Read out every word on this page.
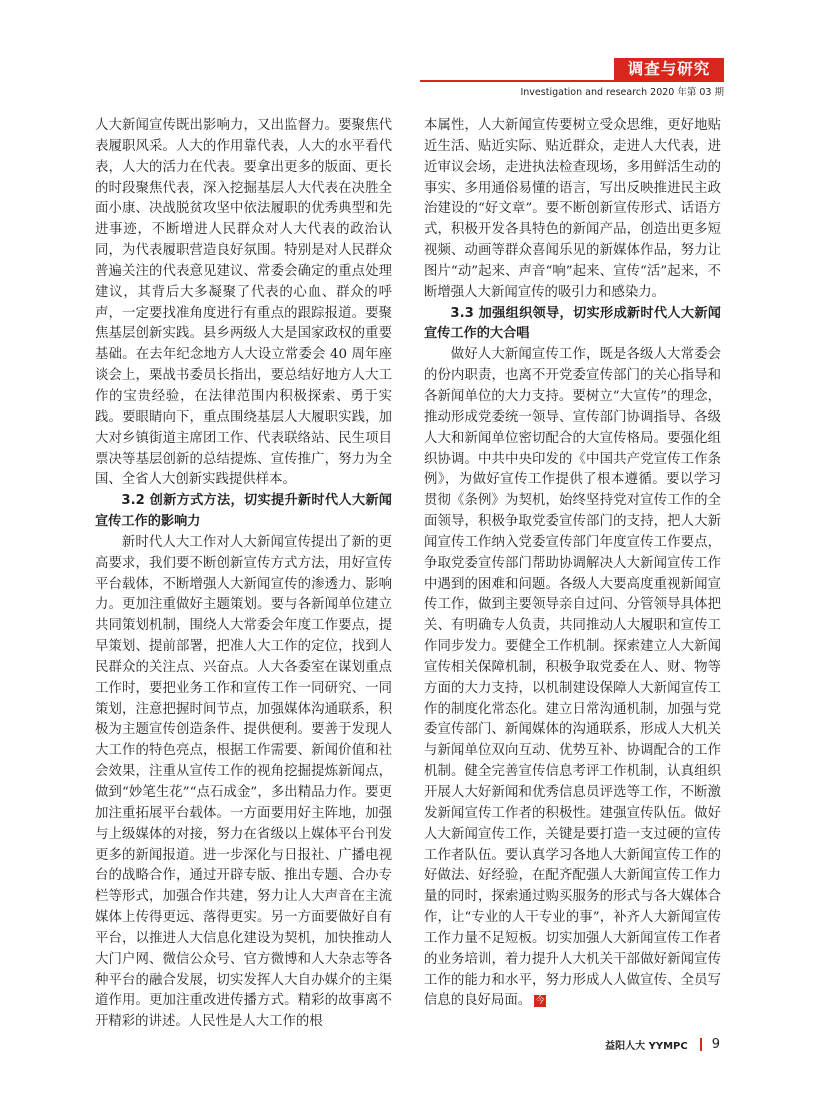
调查与研究
Investigation and research 2020 年第 03 期

人大新闻宣传既出影响力，又出监督力。要聚焦代表履职风采。人大的作用靠代表，人大的水平看代表，人大的活力在代表。要拿出更多的版面、更长的时段聚焦代表，深入挖掘基层人大代表在决胜全面小康、决战脱贫攻坚中依法履职的优秀典型和先进事迹，不断增进人民群众对人大代表的政治认同，为代表履职营造良好氛围。特别是对人民群众普遍关注的代表意见建议、常委会确定的重点处理建议，其背后大多凝聚了代表的心血、群众的呼声，一定要找准角度进行有重点的跟踪报道。要聚焦基层创新实践。县乡两级人大是国家政权的重要基础。在去年纪念地方人大设立常委会 40 周年座谈会上，栗战书委员长指出，要总结好地方人大工作的宝贵经验，在法律范围内积极探索、勇于实践。要眼睛向下，重点围绕基层人大履职实践，加大对乡镇街道主席团工作、代表联络站、民生项目票决等基层创新的总结提炼、宣传推广，努力为全国、全省人大创新实践提供样本。

3.2 创新方式方法，切实提升新时代人大新闻宣传工作的影响力

新时代人大工作对人大新闻宣传提出了新的更高要求，我们要不断创新宣传方式方法，用好宣传平台载体，不断增强人大新闻宣传的渗透力、影响力。更加注重做好主题策划。要与各新闻单位建立共同策划机制，围绕人大常委会年度工作要点，提早策划、提前部署，把准人大工作的定位，找到人民群众的关注点、兴奋点。人大各委室在谋划重点工作时，要把业务工作和宣传工作一同研究、一同策划，注意把握时间节点，加强媒体沟通联系，积极为主题宣传创造条件、提供便利。要善于发现人大工作的特色亮点，根据工作需要、新闻价值和社会效果，注重从宣传工作的视角挖掘提炼新闻点，做到“妙笔生花”“点石成金”，多出精品力作。要更加注重拓展平台载体。一方面要用好主阵地，加强与上级媒体的对接，努力在省级以上媒体平台刊发更多的新闻报道。进一步深化与日报社、广播电视台的战略合作，通过开辟专版、推出专题、合办专栏等形式，加强合作共建，努力让人大声音在主流媒体上传得更远、落得更实。另一方面要做好自有平台，以推进人大信息化建设为契机，加快推动人大门户网、微信公众号、官方微博和人大杂志等各种平台的融合发展，切实发挥人大自办媒介的主渠道作用。更加注重改进传播方式。精彩的故事离不开精彩的讲述。人民性是人大工作的根

本属性，人大新闻宣传要树立受众思维，更好地贴近生活、贴近实际、贴近群众，走进人大代表，进近审议会场，走进执法检查现场，多用鲜活生动的事实、多用通俗易懂的语言，写出反映推进民主政治建设的“好文章”。要不断创新宣传形式、话语方式，积极开发各具特色的新闻产品，创造出更多短视频、动画等群众喜闻乐见的新媒体作品，努力让图片“动”起来、声音“响”起来、宣传“活”起来，不断增强人大新闻宣传的吸引力和感染力。

3.3 加强组织领导，切实形成新时代人大新闻宣传工作的大合唱

做好人大新闻宣传工作，既是各级人大常委会的份内职责，也离不开党委宣传部门的关心指导和各新闻单位的大力支持。要树立“大宣传”的理念，推动形成党委统一领导、宣传部门协调指导、各级人大和新闻单位密切配合的大宣传格局。要强化组织协调。中共中央印发的《中国共产党宣传工作条例》，为做好宣传工作提供了根本遵循。要以学习贯彻《条例》为契机，始终坚持党对宣传工作的全面领导，积极争取党委宣传部门的支持，把人大新闻宣传工作纳入党委宣传部门年度宣传工作要点，争取党委宣传部门帮助协调解决人大新闻宣传工作中遇到的困难和问题。各级人大要高度重视新闻宣传工作，做到主要领导亲自过问、分管领导具体把关、有明确专人负责，共同推动人大履职和宣传工作同步发力。要健全工作机制。探索建立人大新闻宣传相关保障机制，积极争取党委在人、财、物等方面的大力支持，以机制建设保障人大新闻宣传工作的制度化常态化。建立日常沟通机制，加强与党委宣传部门、新闻媒体的沟通联系，形成人大机关与新闻单位双向互动、优势互补、协调配合的工作机制。健全完善宣传信息考评工作机制，认真组织开展人大好新闻和优秀信息员评选等工作，不断激发新闻宣传工作者的积极性。建强宣传队伍。做好人大新闻宣传工作，关键是要打造一支过硬的宣传工作者队伍。要认真学习各地人大新闻宣传工作的好做法、好经验，在配齐配强人大新闻宣传工作力量的同时，探索通过购买服务的形式与各大媒体合作，让“专业的人干专业的事”，补齐人大新闻宣传工作力量不足短板。切实加强人大新闻宣传工作者的业务培训，着力提升人大机关干部做好新闻宣传工作的能力和水平，努力形成人人做宣传、全员写信息的良好局面。 今

益阳人大 YYMPC 9
